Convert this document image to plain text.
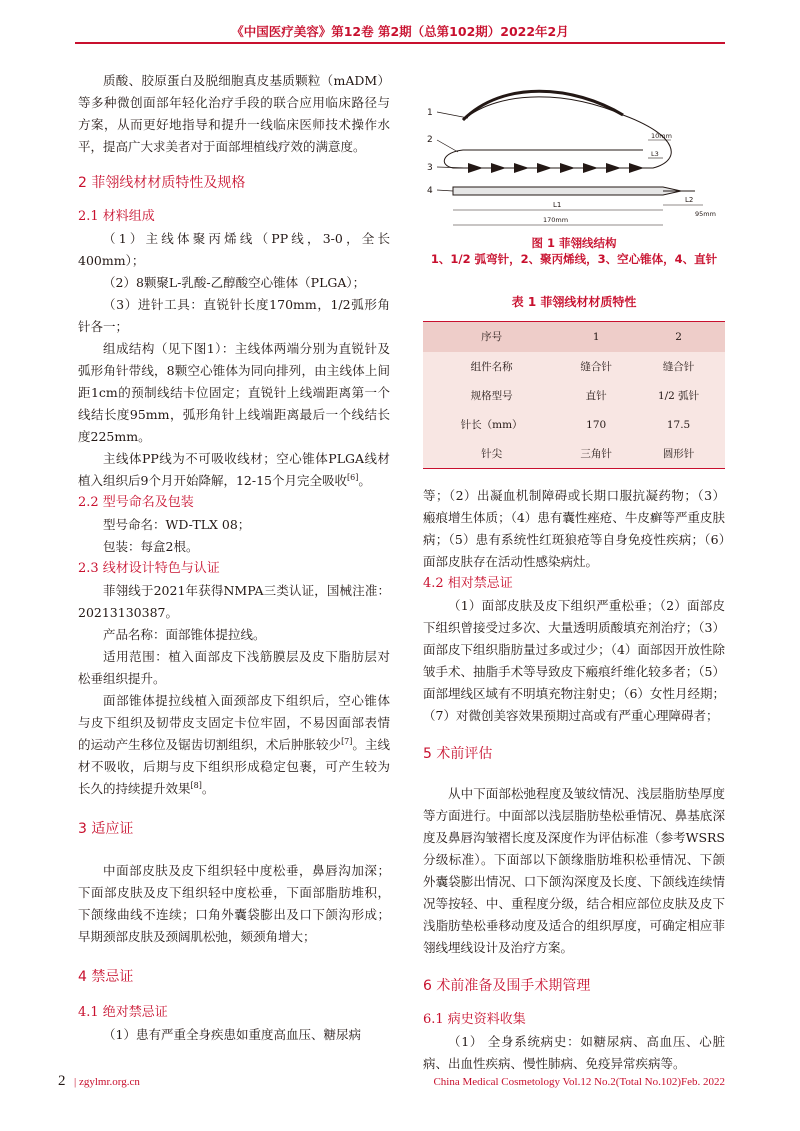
《中国医疗美容》第12卷 第2期（总第102期）2022年2月

质酸、胶原蛋白及脱细胞真皮基质颗粒（mADM）等多种微创面部年轻化治疗手段的联合应用临床路径与方案，从而更好地指导和提升一线临床医师技术操作水平，提高广大求美者对于面部埋植线疗效的满意度。

2 菲翎线材材质特性及规格
2.1 材料组成

（1）主线体聚丙烯线（PP线，3-0，全长400mm）；

（2）8颗聚L-乳酸-乙醇酸空心锥体（PLGA）；

（3）进针工具：直锐针长度170mm，1/2弧形角针各一；

组成结构（见下图1）：主线体两端分别为直锐针及弧形角针带线，8颗空心锥体为同向排列，由主线体上间距1cm的预制线结卡位固定；直锐针上线端距离第一个线结长度95mm，弧形角针上线端距离最后一个线结长度225mm。

主线体PP线为不可吸收线材；空心锥体PLGA线材植入组织后9个月开始降解，12-15个月完全吸收[6]。

2.2 型号命名及包装

型号命名：WD-TLX 08；

包装：每盒2根。

2.3 线材设计特色与认证

菲翎线于2021年获得NMPA三类认证，国械注准：20213130387。

产品名称：面部锥体提拉线。

适用范围：植入面部皮下浅筋膜层及皮下脂肪层对松垂组织提升。

面部锥体提拉线植入面颈部皮下组织后，空心锥体与皮下组织及韧带皮支固定卡位牢固，不易因面部表情的运动产生移位及锯齿切割组织，术后肿胀较少[7]。主线材不吸收，后期与皮下组织形成稳定包裹，可产生较为长久的持续提升效果[8]。

3 适应证

中面部皮肤及皮下组织轻中度松垂，鼻唇沟加深；下面部皮肤及皮下组织轻中度松垂，下面部脂肪堆积，下颌缘曲线不连续；口角外囊袋膨出及口下颌沟形成；早期颈部皮肤及颈阔肌松弛，颏颈角增大；

4 禁忌证
4.1 绝对禁忌证

（1）患有严重全身疾患如重度高血压、糖尿病

1
2
3
4
10mm
L3
L1
L2
95mm
170mm
图 1 菲翎线结构
1、1/2 弧弯针，2、聚丙烯线，3、空心锥体，4、直针
表 1 菲翎线材材质特性
序号	1	2
组件名称	缝合针	缝合针
规格型号	直针	1/2 弧针
针长（mm）	170	17.5
针尖	三角针	圆形针

等；（2）出凝血机制障碍或长期口服抗凝药物；（3）瘢痕增生体质；（4）患有囊性痤疮、牛皮癣等严重皮肤病；（5）患有系统性红斑狼疮等自身免疫性疾病；（6）面部皮肤存在活动性感染病灶。

4.2 相对禁忌证

（1）面部皮肤及皮下组织严重松垂；（2）面部皮下组织曾接受过多次、大量透明质酸填充剂治疗；（3）面部皮下组织脂肪量过多或过少；（4）面部因开放性除皱手术、抽脂手术等导致皮下瘢痕纤维化较多者；（5）面部埋线区域有不明填充物注射史；（6）女性月经期；（7）对微创美容效果预期过高或有严重心理障碍者；

5 术前评估

从中下面部松弛程度及皱纹情况、浅层脂肪垫厚度等方面进行。中面部以浅层脂肪垫松垂情况、鼻基底深度及鼻唇沟皱褶长度及深度作为评估标准（参考WSRS分级标准）。下面部以下颌缘脂肪堆积松垂情况、下颌外囊袋膨出情况、口下颌沟深度及长度、下颌线连续情况等按轻、中、重程度分级，结合相应部位皮肤及皮下浅脂肪垫松垂移动度及适合的组织厚度，可确定相应菲翎线埋线设计及治疗方案。

6 术前准备及围手术期管理
6.1 病史资料收集

（1） 全身系统病史：如糖尿病、高血压、心脏病、出血性疾病、慢性肺病、免疫异常疾病等。

2 | zgylmr.org.cn	China Medical Cosmetology Vol.12 No.2(Total No.102)Feb. 2022
